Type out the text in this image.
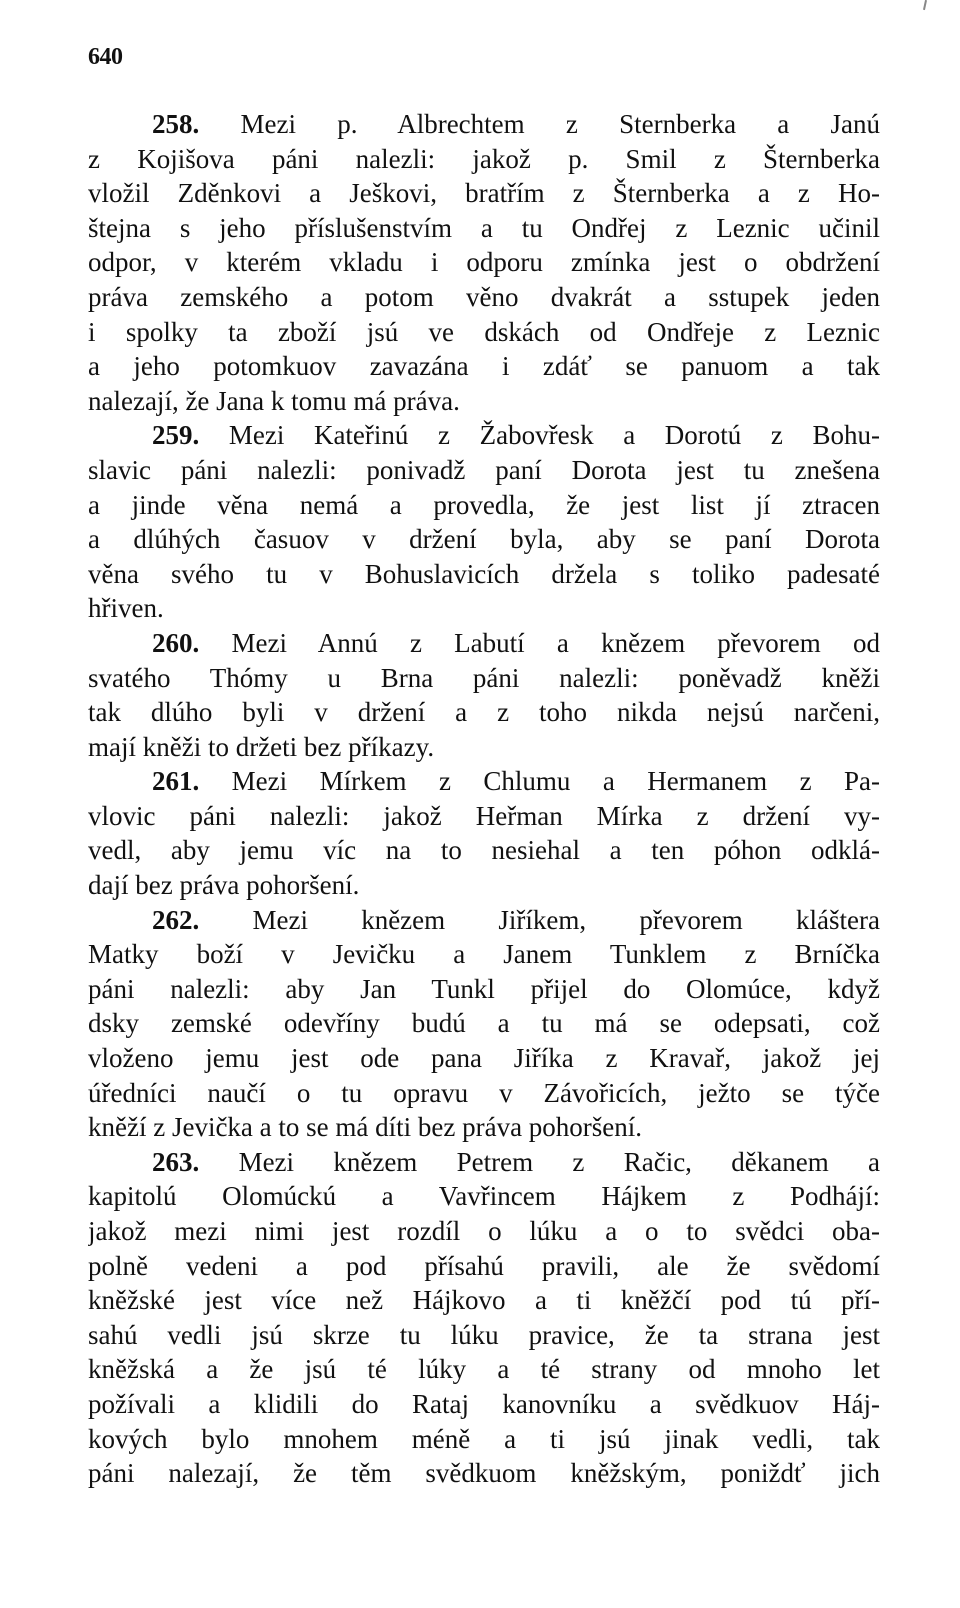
640
258. Mezi p. Albrechtem z Sternberka a Janú
z Kojišova páni nalezli: jakož p. Smil z Šternberka
vložil Zděnkovi a Ješkovi, bratřím z Šternberka a z Ho-
štejna s jeho příslušenstvím a tu Ondřej z Leznic učinil
odpor, v kterém vkladu i odporu zmínka jest o obdržení
práva zemského a potom věno dvakrát a sstupek jeden
i spolky ta zboží jsú ve dskách od Ondřeje z Leznic
a jeho potomkuov zavazána i zdáť se panuom a tak
nalezají, že Jana k tomu má práva.
259. Mezi Kateřinú z Žabovřesk a Dorotú z Bohu-
slavic páni nalezli: ponivadž paní Dorota jest tu znešena
a jinde věna nemá a provedla, že jest list jí ztracen
a dlúhých časuov v držení byla, aby se paní Dorota
věna svého tu v Bohuslavicích držela s toliko padesaté
hřiven.
260. Mezi Annú z Labutí a knězem převorem od
svatého Thómy u Brna páni nalezli: poněvadž kněži
tak dlúho byli v držení a z toho nikda nejsú narčeni,
mají kněži to držeti bez příkazy.
261. Mezi Mírkem z Chlumu a Hermanem z Pa-
vlovic páni nalezli: jakož Heřman Mírka z držení vy-
vedl, aby jemu víc na to nesiehal a ten póhon odklá-
dají bez práva pohoršení.
262. Mezi knězem Jiříkem, převorem kláštera
Matky boží v Jevičku a Janem Tunklem z Brníčka
páni nalezli: aby Jan Tunkl přijel do Olomúce, když
dsky zemské odevříny budú a tu má se odepsati, což
vloženo jemu jest ode pana Jiříka z Kravař, jakož jej
úředníci naučí o tu opravu v Závořicích, ježto se týče
kněží z Jevička a to se má díti bez práva pohoršení.
263. Mezi knězem Petrem z Račic, děkanem a
kapitolú Olomúckú a Vavřincem Hájkem z Podhájí:
jakož mezi nimi jest rozdíl o lúku a o to svědci oba-
polně vedeni a pod přísahú pravili, ale že svědomí
kněžské jest více než Hájkovo a ti kněžčí pod tú pří-
sahú vedli jsú skrze tu lúku pravice, že ta strana jest
kněžská a že jsú té lúky a té strany od mnoho let
požívali a klidili do Rataj kanovníku a svědkuov Háj-
kových bylo mnohem méně a ti jsú jinak vedli, tak
páni nalezají, že těm svědkuom kněžským, poniždť jich
